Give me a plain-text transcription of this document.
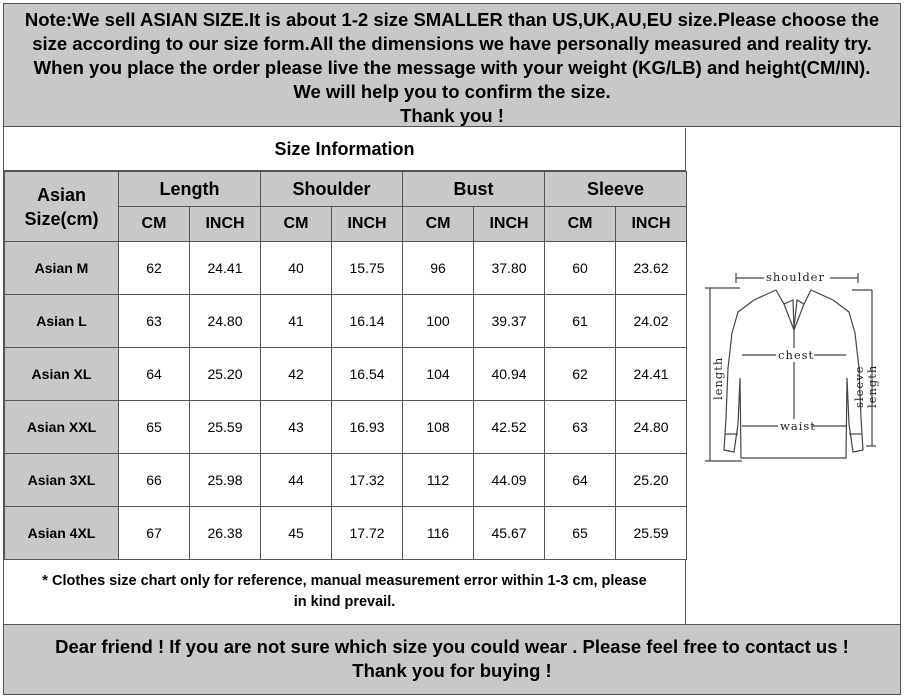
Note:We sell ASIAN SIZE.It is about 1-2 size SMALLER than US,UK,AU,EU size.Please choose the
size according to our size form.All the dimensions we have personally measured and reality try.
When you place the order please live the message with your weight (KG/LB) and height(CM/IN).
We will help you to confirm the size.
Thank you !
Size Information
Asian
Size(cm)	Length		Shoulder		Bust		Sleeve	
	CM	INCH	CM	INCH	CM	INCH	CM	INCH
Asian M	62	24.41	40	15.75	96	37.80	60	23.62
Asian L	63	24.80	41	16.14	100	39.37	61	24.02
Asian XL	64	25.20	42	16.54	104	40.94	62	24.41
Asian XXL	65	25.59	43	16.93	108	42.52	63	24.80
Asian 3XL	66	25.98	44	17.32	112	44.09	64	25.20
Asian 4XL	67	26.38	45	17.72	116	45.67	65	25.59
* Clothes size chart only for reference, manual measurement error within 1-3 cm, please
in kind prevail.
shoulder
chest
waist
length	sleeve length
Dear friend ! If you are not sure which size you could wear . Please feel free to contact us !
Thank you for buying !
